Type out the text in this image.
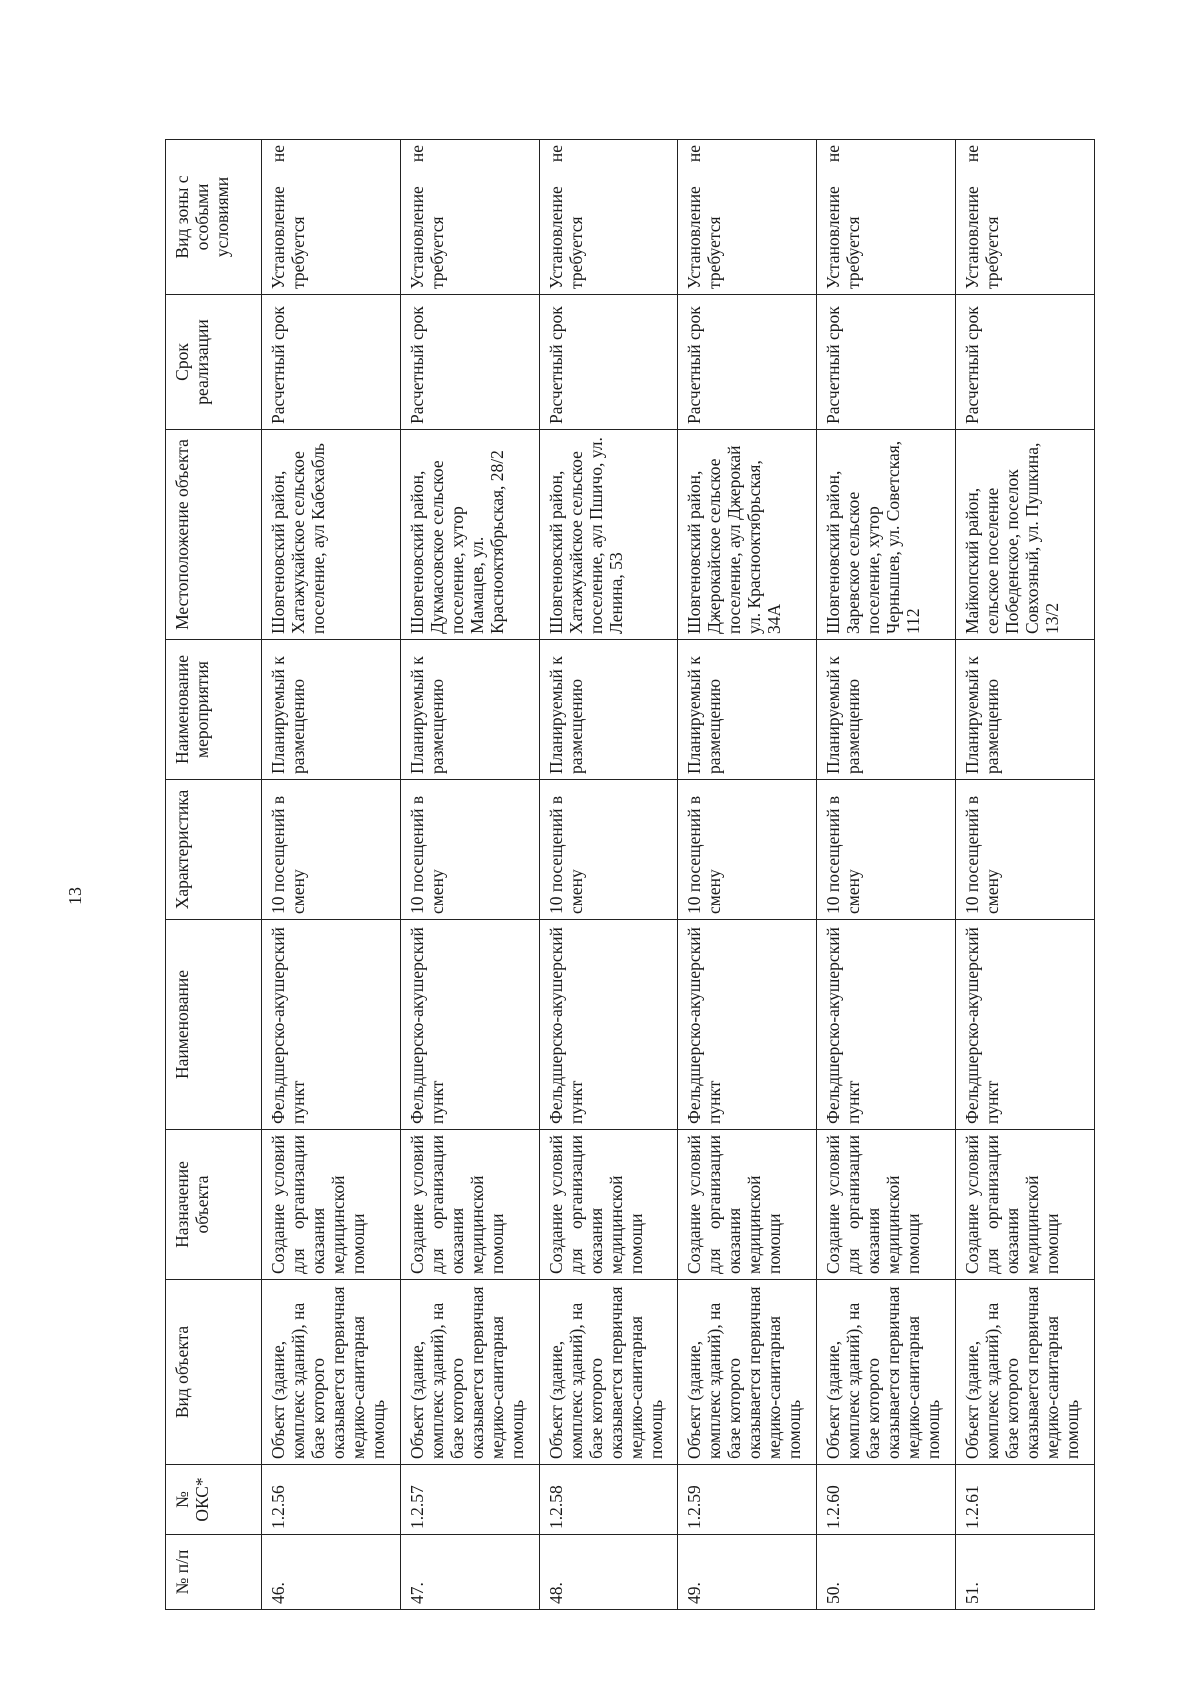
13
№ п/п	№ ОКС*	Вид объекта	Назначение объекта	Наименование	Характеристика	Наименование мероприятия	Местоположение объекта	Срок реализации	Вид зоны с особыми условиями
46.	1.2.56	Объект (здание, комплекс зданий), на базе которого оказывается первичная медико-санитарная помощь	Создание условий для организации оказания медицинской помощи	Фельдшерско-акушерский пункт	10 посещений в смену	Планируемый к размещению	Шовгеновский район, Хатажукайское сельское поселение, аул Кабехабль	Расчетный срок	Установление не требуется
47.	1.2.57	Объект (здание, комплекс зданий), на базе которого оказывается первичная медико-санитарная помощь	Создание условий для организации оказания медицинской помощи	Фельдшерско-акушерский пункт	10 посещений в смену	Планируемый к размещению	Шовгеновский район, Дукмасовское сельское поселение, хутор Мамацев, ул. Краснооктябрьская, 28/2	Расчетный срок	Установление не требуется
48.	1.2.58	Объект (здание, комплекс зданий), на базе которого оказывается первичная медико-санитарная помощь	Создание условий для организации оказания медицинской помощи	Фельдшерско-акушерский пункт	10 посещений в смену	Планируемый к размещению	Шовгеновский район, Хатажукайское сельское поселение, аул Пшичо, ул. Ленина, 53	Расчетный срок	Установление не требуется
49.	1.2.59	Объект (здание, комплекс зданий), на базе которого оказывается первичная медико-санитарная помощь	Создание условий для организации оказания медицинской помощи	Фельдшерско-акушерский пункт	10 посещений в смену	Планируемый к размещению	Шовгеновский район, Джерокайское сельское поселение, аул Джерокай ул. Краснооктябрьская, 34А	Расчетный срок	Установление не требуется
50.	1.2.60	Объект (здание, комплекс зданий), на базе которого оказывается первичная медико-санитарная помощь	Создание условий для организации оказания медицинской помощи	Фельдшерско-акушерский пункт	10 посещений в смену	Планируемый к размещению	Шовгеновский район, Заревское сельское поселение, хутор Чернышев, ул. Советская, 112	Расчетный срок	Установление не требуется
51.	1.2.61	Объект (здание, комплекс зданий), на базе которого оказывается первичная медико-санитарная помощь	Создание условий для организации оказания медицинской помощи	Фельдшерско-акушерский пункт	10 посещений в смену	Планируемый к размещению	Майкопский район, сельское поселение Победенское, поселок Совхозный, ул. Пушкина, 13/2	Расчетный срок	Установление не требуется
